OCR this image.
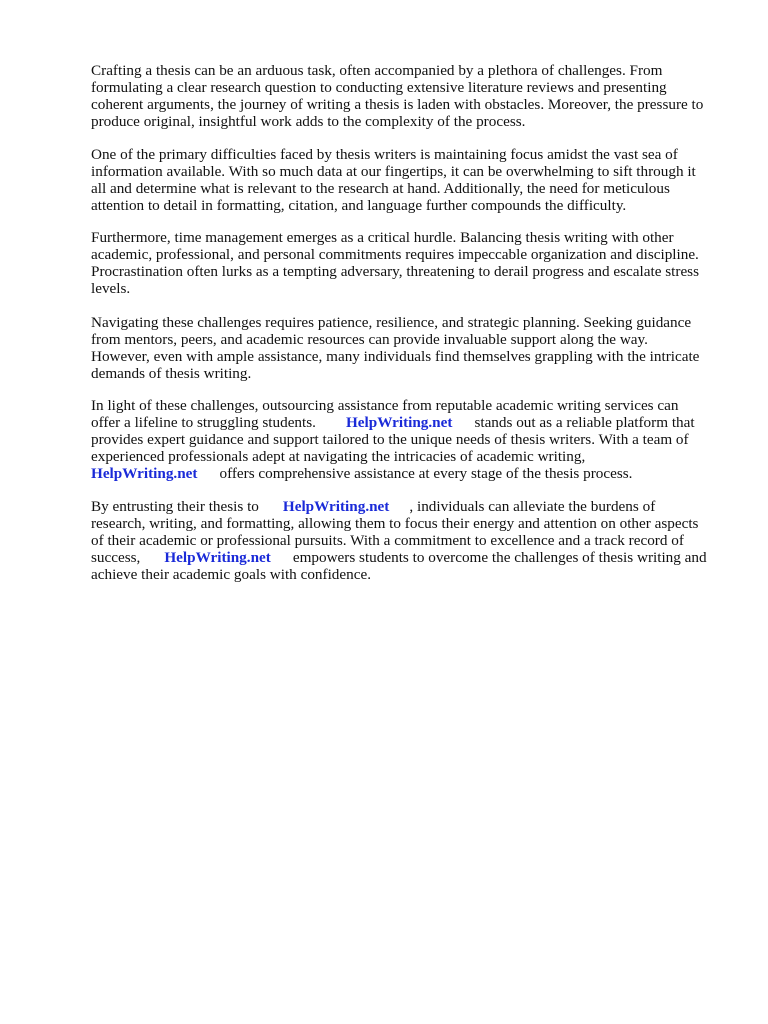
Crafting a thesis can be an arduous task, often accompanied by a plethora of challenges. From
formulating a clear research question to conducting extensive literature reviews and presenting
coherent arguments, the journey of writing a thesis is laden with obstacles. Moreover, the pressure to
produce original, insightful work adds to the complexity of the process.

One of the primary difficulties faced by thesis writers is maintaining focus amidst the vast sea of
information available. With so much data at our fingertips, it can be overwhelming to sift through it
all and determine what is relevant to the research at hand. Additionally, the need for meticulous
attention to detail in formatting, citation, and language further compounds the difficulty.

Furthermore, time management emerges as a critical hurdle. Balancing thesis writing with other
academic, professional, and personal commitments requires impeccable organization and discipline.
Procrastination often lurks as a tempting adversary, threatening to derail progress and escalate stress
levels.

Navigating these challenges requires patience, resilience, and strategic planning. Seeking guidance
from mentors, peers, and academic resources can provide invaluable support along the way.
However, even with ample assistance, many individuals find themselves grappling with the intricate
demands of thesis writing.

In light of these challenges, outsourcing assistance from reputable academic writing services can
offer a lifeline to struggling students. HelpWriting.net stands out as a reliable platform that
provides expert guidance and support tailored to the unique needs of thesis writers. With a team of
experienced professionals adept at navigating the intricacies of academic writing,
HelpWriting.net offers comprehensive assistance at every stage of the thesis process.

By entrusting their thesis to HelpWriting.net , individuals can alleviate the burdens of
research, writing, and formatting, allowing them to focus their energy and attention on other aspects
of their academic or professional pursuits. With a commitment to excellence and a track record of
success, HelpWriting.net empowers students to overcome the challenges of thesis writing and
achieve their academic goals with confidence.
